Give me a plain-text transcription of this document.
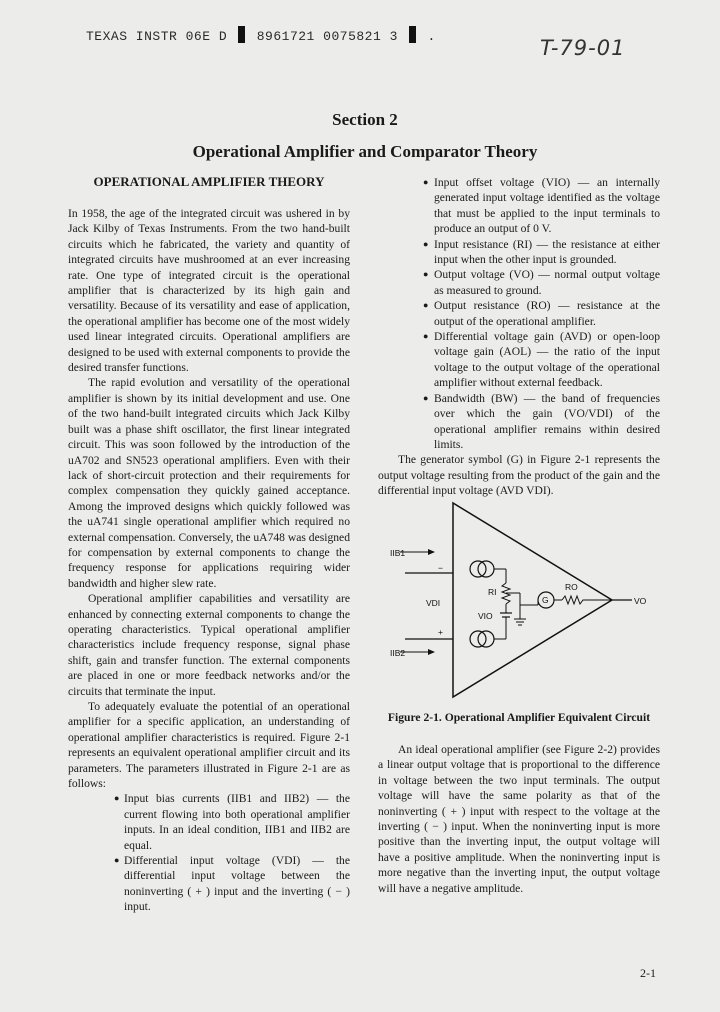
TEXAS INSTR 06E D 8961721 0075821 3 .	T-79-01
Section 2
Operational Amplifier and Comparator Theory
OPERATIONAL AMPLIFIER THEORY

In 1958, the age of the integrated circuit was ushered in by Jack Kilby of Texas Instruments. From the two hand-built circuits which he fabricated, the variety and quantity of integrated circuits have mushroomed at an ever increasing rate. One type of integrated circuit is the operational amplifier that is characterized by its high gain and versatility. Because of its versatility and ease of application, the operational amplifier has become one of the most widely used linear integrated circuits. Operational amplifiers are designed to be used with external components to provide the desired transfer functions.

The rapid evolution and versatility of the operational amplifier is shown by its initial development and use. One of the two hand-built integrated circuits which Jack Kilby built was a phase shift oscillator, the first linear integrated circuit. This was soon followed by the introduction of the uA702 and SN523 operational amplifiers. Even with their lack of short-circuit protection and their requirements for complex compensation they quickly gained acceptance. Among the improved designs which quickly followed was the uA741 single operational amplifier which required no external compensation. Conversely, the uA748 was designed for compensation by external components to change the frequency response for applications requiring wider bandwidth and higher slew rate.

Operational amplifier capabilities and versatility are enhanced by connecting external components to change the operating characteristics. Typical operational amplifier characteristics include frequency response, signal phase shift, gain and transfer function. The external components are placed in one or more feedback networks and/or the circuits that terminate the input.

To adequately evaluate the potential of an operational amplifier for a specific application, an understanding of operational amplifier characteristics is required. Figure 2-1 represents an equivalent operational amplifier circuit and its parameters. The parameters illustrated in Figure 2-1 are as follows:

● Input bias currents (IIB1 and IIB2) — the current flowing into both operational amplifier inputs. In an ideal condition, IIB1 and IIB2 are equal.
● Differential input voltage (VDI) — the differential input voltage between the noninverting ( + ) input and the inverting ( − ) input.
● Input offset voltage (VIO) — an internally generated input voltage identified as the voltage that must be applied to the input terminals to produce an output of 0 V.
● Input resistance (RI) — the resistance at either input when the other input is grounded.
● Output voltage (VO) — normal output voltage as measured to ground.
● Output resistance (RO) — resistance at the output of the operational amplifier.
● Differential voltage gain (AVD) or open-loop voltage gain (AOL) — the ratio of the input voltage to the output voltage of the operational amplifier without external feedback.
● Bandwidth (BW) — the band of frequencies over which the gain (VO/VDI) of the operational amplifier remains within desired limits.

The generator symbol (G) in Figure 2-1 represents the output voltage resulting from the product of the gain and the differential input voltage (AVD VDI).

VO
IIB1
IIB2
−
+
VDI
RI
VIO
G
RO
Figure 2-1. Operational Amplifier Equivalent Circuit

An ideal operational amplifier (see Figure 2-2) provides a linear output voltage that is proportional to the difference in voltage between the two input terminals. The output voltage will have the same polarity as that of the noninverting ( + ) input with respect to the voltage at the inverting ( − ) input. When the noninverting input is more positive than the inverting input, the output voltage will have a positive amplitude. When the noninverting input is more negative than the inverting input, the output voltage will have a negative amplitude.

2-1
